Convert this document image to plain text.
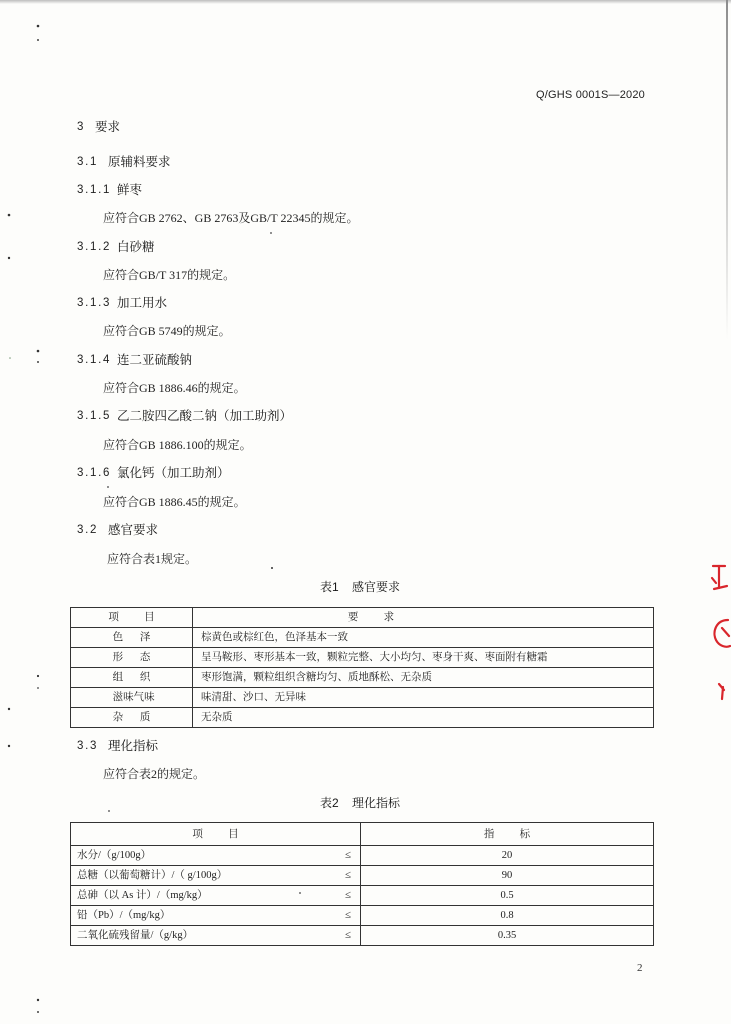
Q/GHS 0001S—2020
3 要求
3.1 原辅料要求
3.1.1 鲜枣
应符合GB 2762、GB 2763及GB/T 22345的规定。
3.1.2 白砂糖
应符合GB/T 317的规定。
3.1.3 加工用水
应符合GB 5749的规定。
3.1.4 连二亚硫酸钠
应符合GB 1886.46的规定。
3.1.5 乙二胺四乙酸二钠（加工助剂）
应符合GB 1886.100的规定。
3.1.6 氯化钙（加工助剂）
应符合GB 1886.45的规定。
3.2 感官要求
应符合表1规定。
表1 感官要求
项目	要求
色泽	棕黄色或棕红色，色泽基本一致
形态	呈马鞍形、枣形基本一致，颗粒完整、大小均匀、枣身干爽、枣面附有糖霜
组织	枣形饱满，颗粒组织含糖均匀、质地酥松、无杂质
滋味气味	味清甜、沙口、无异味
杂质	无杂质
3.3 理化指标
应符合表2的规定。
表2 理化指标
项目	指标
水分/（g/100g） ≤	20
总糖（以葡萄糖计）/（ g/100g） ≤	90
总砷（以 As 计）/（mg/kg） ≤	0.5
铅（Pb）/（mg/kg） ≤	0.8
二氧化硫残留量/（g/kg） ≤	0.35
2
